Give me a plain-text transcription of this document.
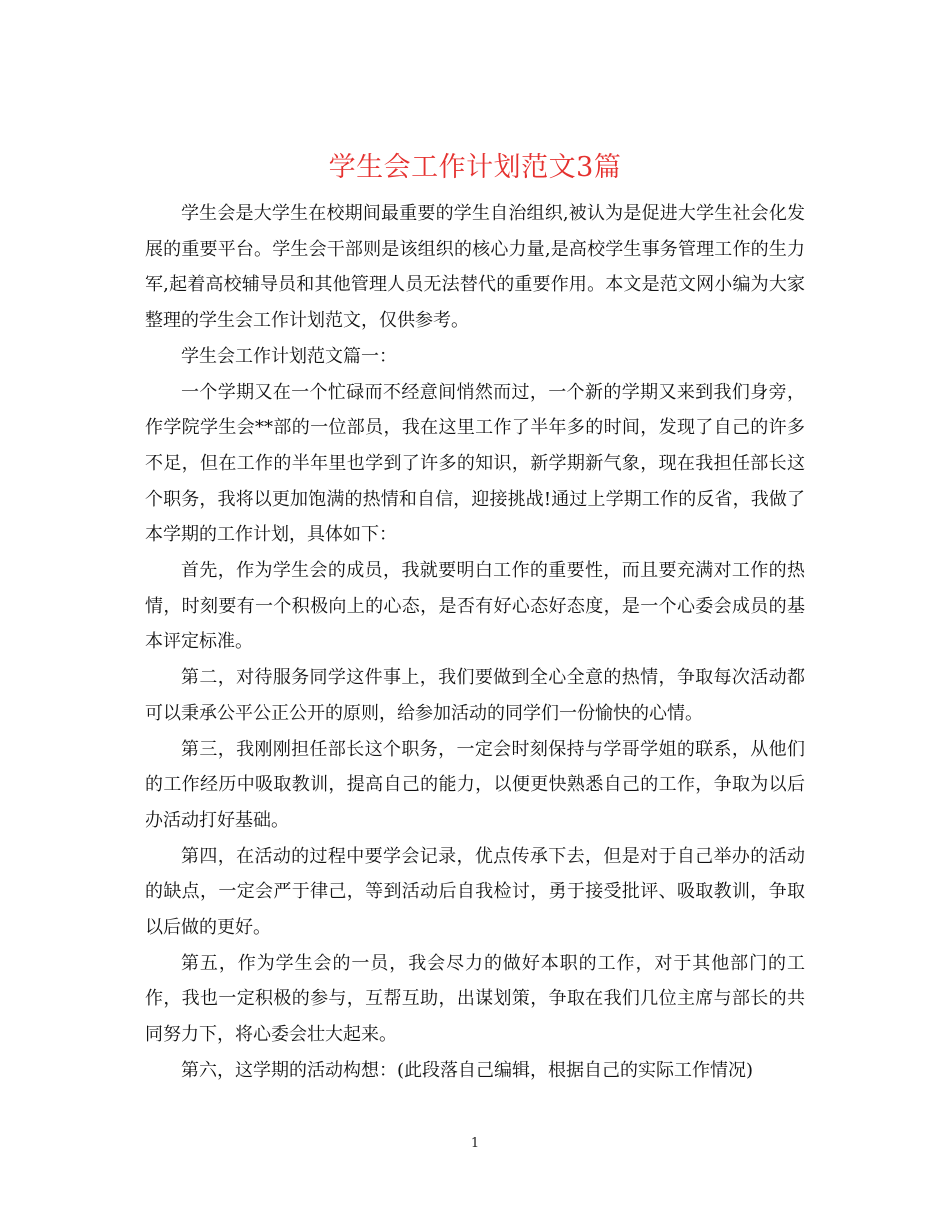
学生会工作计划范文3篇

学生会是大学生在校期间最重要的学生自治组织,被认为是促进大学生社会化发展的重要平台。学生会干部则是该组织的核心力量,是高校学生事务管理工作的生力军,起着高校辅导员和其他管理人员无法替代的重要作用。本文是范文网小编为大家整理的学生会工作计划范文，仅供参考。

学生会工作计划范文篇一：

一个学期又在一个忙碌而不经意间悄然而过，一个新的学期又来到我们身旁，作学院学生会**部的一位部员，我在这里工作了半年多的时间，发现了自己的许多不足，但在工作的半年里也学到了许多的知识，新学期新气象，现在我担任部长这个职务，我将以更加饱满的热情和自信，迎接挑战!通过上学期工作的反省，我做了本学期的工作计划，具体如下：

首先，作为学生会的成员，我就要明白工作的重要性，而且要充满对工作的热情，时刻要有一个积极向上的心态，是否有好心态好态度，是一个心委会成员的基本评定标准。

第二，对待服务同学这件事上，我们要做到全心全意的热情，争取每次活动都可以秉承公平公正公开的原则，给参加活动的同学们一份愉快的心情。

第三，我刚刚担任部长这个职务，一定会时刻保持与学哥学姐的联系，从他们的工作经历中吸取教训，提高自己的能力，以便更快熟悉自己的工作，争取为以后办活动打好基础。

第四，在活动的过程中要学会记录，优点传承下去，但是对于自己举办的活动的缺点，一定会严于律己，等到活动后自我检讨，勇于接受批评、吸取教训，争取以后做的更好。

第五，作为学生会的一员，我会尽力的做好本职的工作，对于其他部门的工作，我也一定积极的参与，互帮互助，出谋划策，争取在我们几位主席与部长的共同努力下，将心委会壮大起来。

第六，这学期的活动构想：(此段落自己编辑，根据自己的实际工作情况)

1
